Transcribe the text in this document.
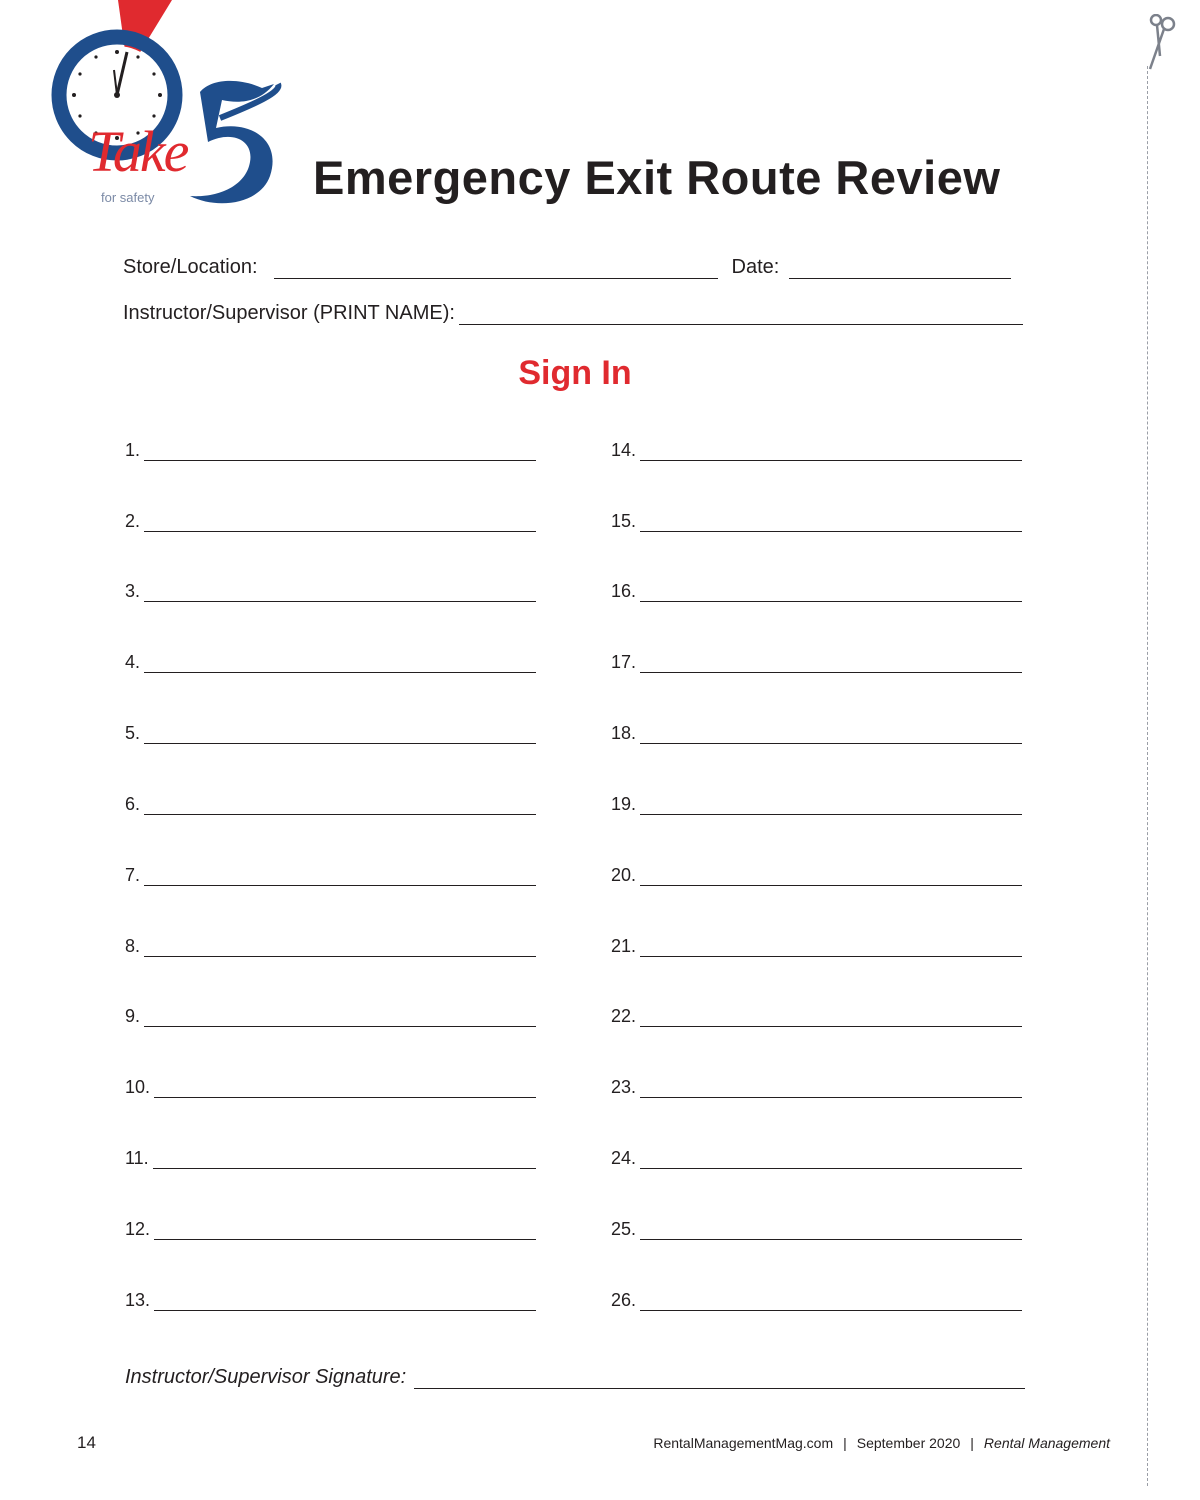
Take
for safety	Emergency Exit Route Review
Store/Location:	Date:
Instructor/Supervisor (PRINT NAME):
Sign In
1.
2.
3.
4.
5.
6.
7.
8.
9.
10.
11.
12.
13.
14.
15.
16.
17.
18.
19.
20.
21.
22.
23.
24.
25.
26.
Instructor/Supervisor Signature:
14	RentalManagementMag.com | September 2020 | Rental Management
